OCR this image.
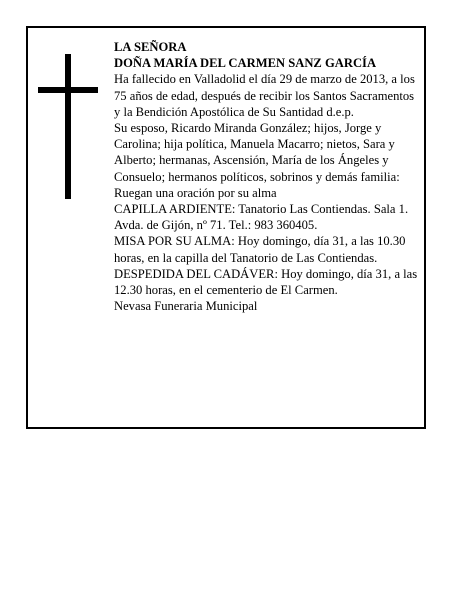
LA SEÑORA

DOÑA MARÍA DEL CARMEN SANZ GARCÍA

Ha fallecido en Valladolid el día 29 de marzo de 2013, a los 75 años de edad, después de recibir los Santos Sacramentos y la Bendición Apostólica de Su Santidad d.e.p.

Su esposo, Ricardo Miranda González; hijos, Jorge y Carolina; hija política, Manuela Macarro; nietos, Sara y Alberto; hermanas, Ascensión, María de los Ángeles y Consuelo; hermanos políticos, sobrinos y demás familia:

Ruegan una oración por su alma

CAPILLA ARDIENTE: Tanatorio Las Contiendas. Sala 1. Avda. de Gijón, nº 71. Tel.: 983 360405.

MISA POR SU ALMA: Hoy domingo, día 31, a las 10.30 horas, en la capilla del Tanatorio de Las Contiendas. DESPEDIDA DEL CADÁVER: Hoy domingo, día 31, a las 12.30 horas, en el cementerio de El Carmen.

Nevasa Funeraria Municipal
